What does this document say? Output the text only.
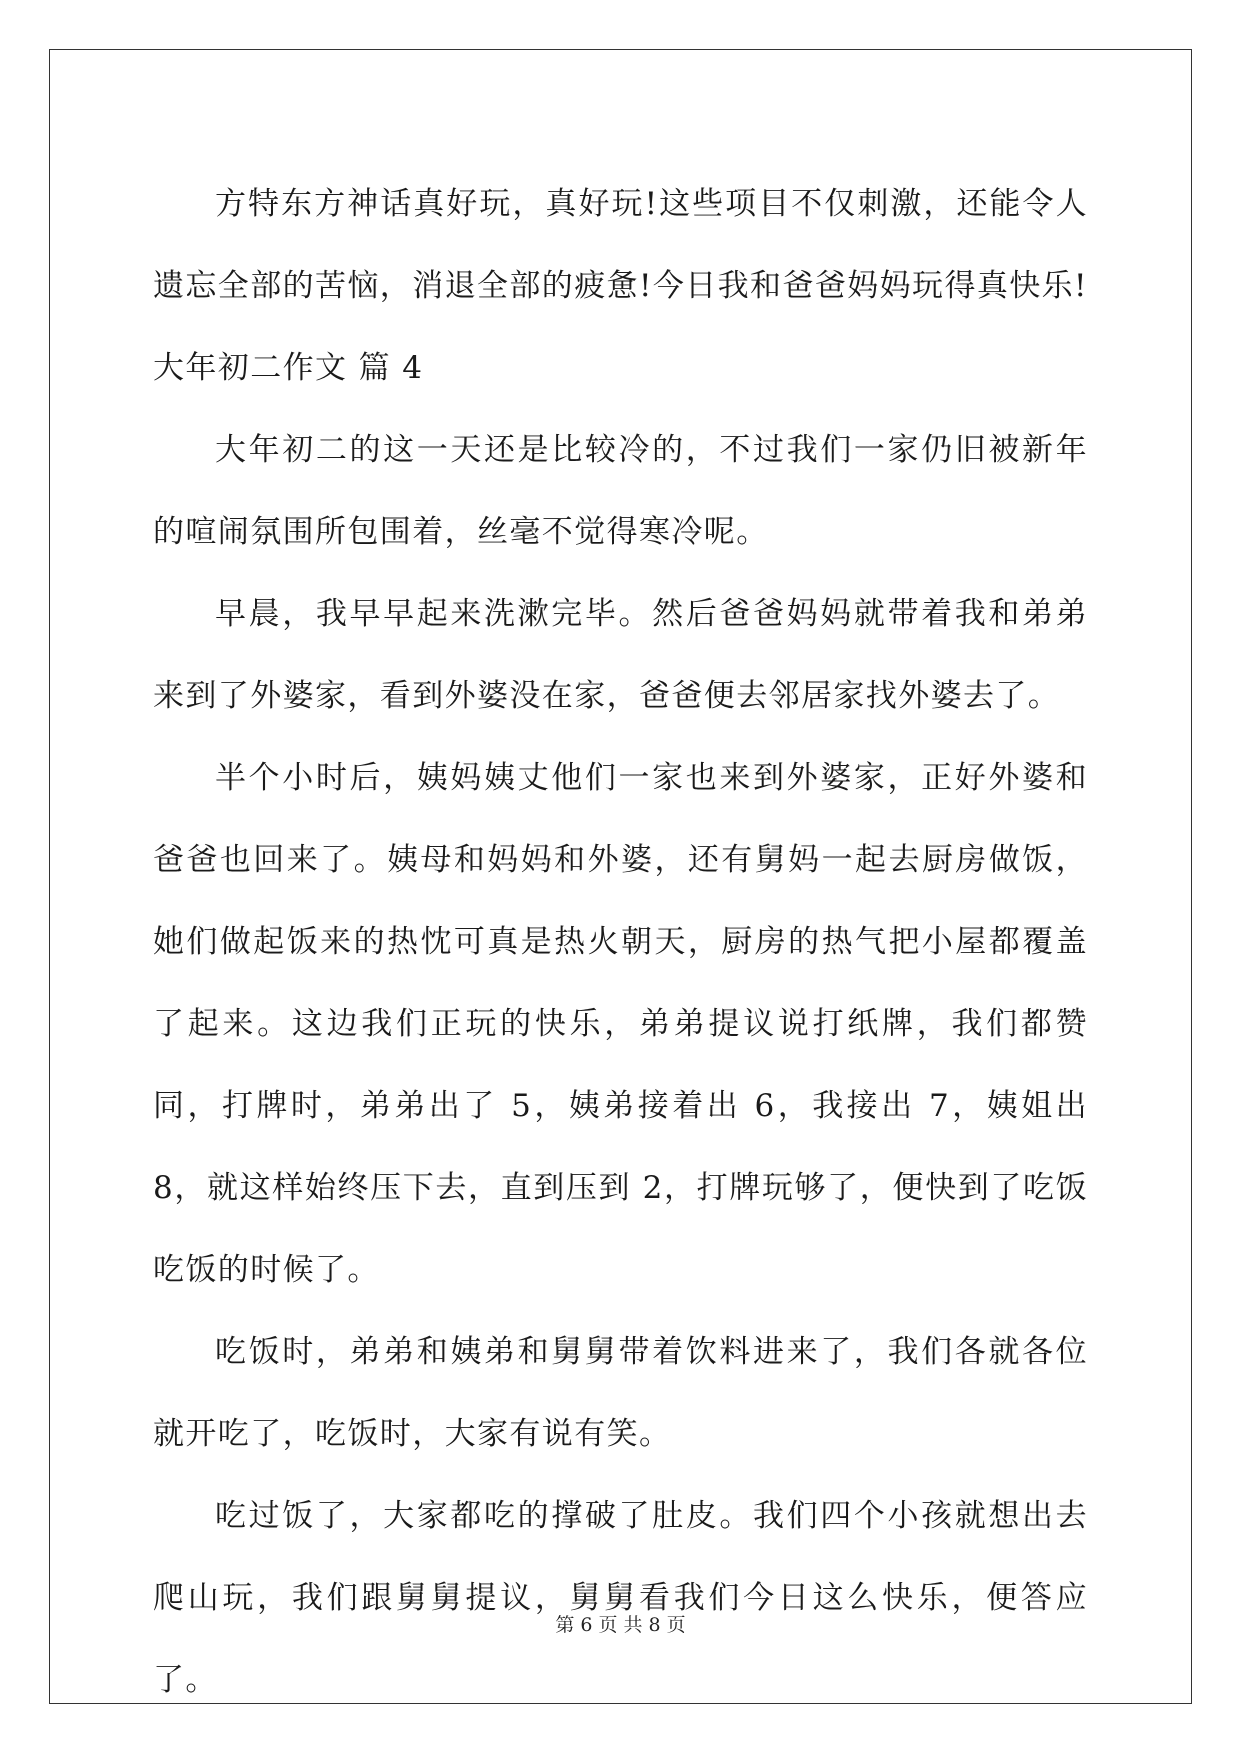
方特东方神话真好玩，真好玩!这些项目不仅刺激，还能令人遗忘全部的苦恼，消退全部的疲惫!今日我和爸爸妈妈玩得真快乐!

大年初二作文 篇 4

大年初二的这一天还是比较冷的，不过我们一家仍旧被新年的喧闹氛围所包围着，丝毫不觉得寒冷呢。

早晨，我早早起来洗漱完毕。然后爸爸妈妈就带着我和弟弟来到了外婆家，看到外婆没在家，爸爸便去邻居家找外婆去了。

半个小时后，姨妈姨丈他们一家也来到外婆家，正好外婆和爸爸也回来了。姨母和妈妈和外婆，还有舅妈一起去厨房做饭，她们做起饭来的热忱可真是热火朝天，厨房的热气把小屋都覆盖了起来。这边我们正玩的快乐，弟弟提议说打纸牌，我们都赞同，打牌时，弟弟出了 5，姨弟接着出 6，我接出 7，姨姐出 8，就这样始终压下去，直到压到 2，打牌玩够了，便快到了吃饭吃饭的时候了。

吃饭时，弟弟和姨弟和舅舅带着饮料进来了，我们各就各位就开吃了，吃饭时，大家有说有笑。

吃过饭了，大家都吃的撑破了肚皮。我们四个小孩就想出去爬山玩，我们跟舅舅提议，舅舅看我们今日这么快乐，便答应了。

第 6 页 共 8 页
